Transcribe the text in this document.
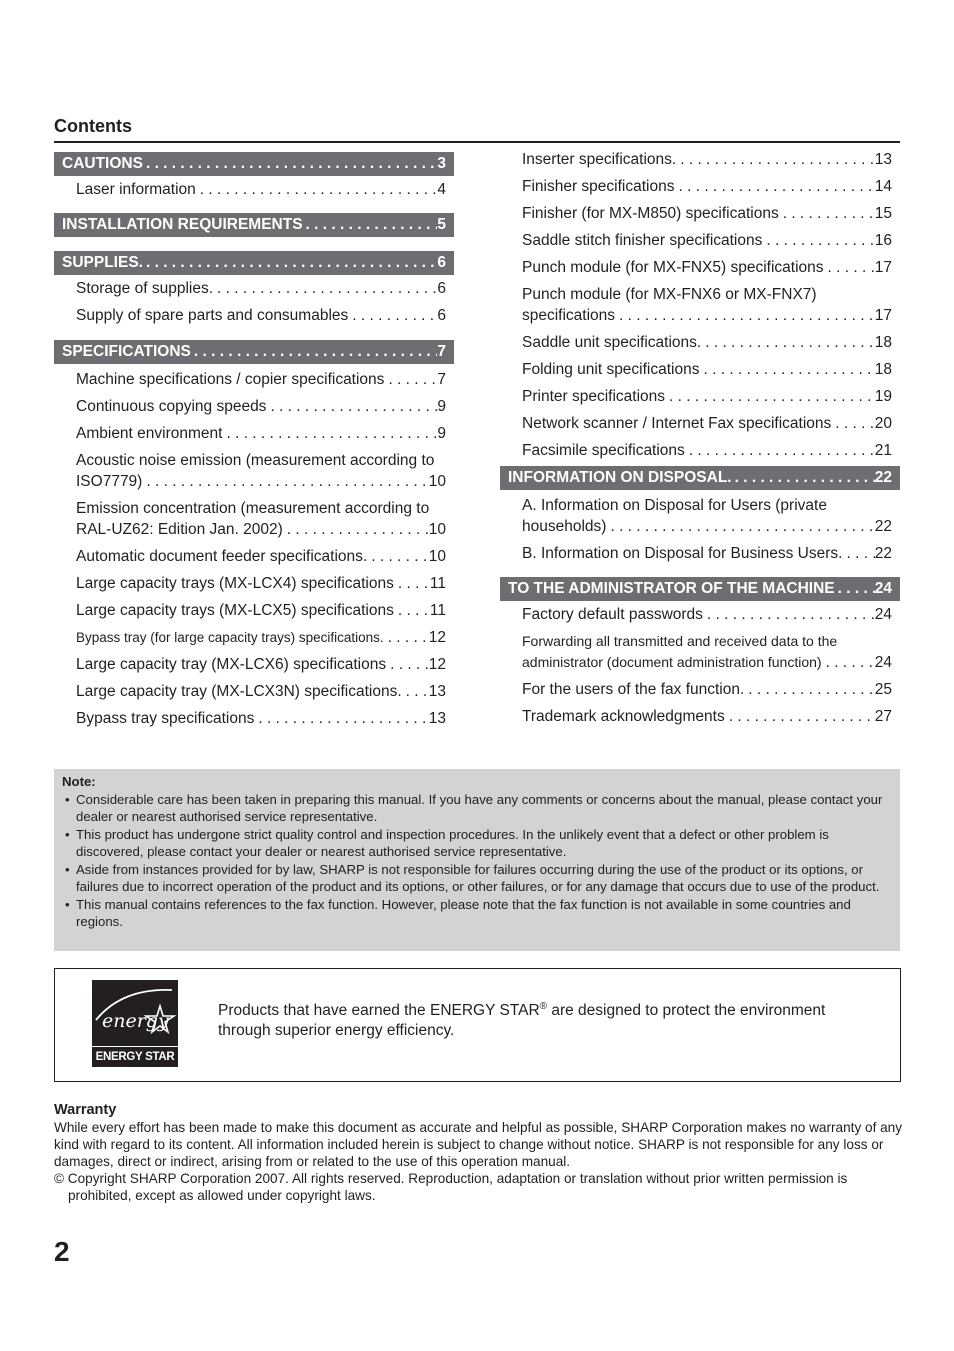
Contents
CAUTIONS . . .	3
Laser information . . .	4
INSTALLATION REQUIREMENTS . . .	5
SUPPLIES. . . .	6
Storage of supplies. . . .	6
Supply of spare parts and consumables . . .	6
SPECIFICATIONS . . .	7
Machine specifications / copier specifications . . .	7
Continuous copying speeds . . .	9
Ambient environment . . .	9
Acoustic noise emission (measurement according to
ISO7779) . . .	10
Emission concentration (measurement according to
RAL-UZ62: Edition Jan. 2002) . . .	10
Automatic document feeder specifications. . . .	10
Large capacity trays (MX-LCX4) specifications . . . 11
Large capacity trays (MX-LCX5) specifications . . . 11
Bypass tray (for large capacity trays) specifications. . . .	12
Large capacity tray (MX-LCX6) specifications . . .	12
Large capacity tray (MX-LCX3N) specifications. . . . 13
Bypass tray specifications . . .	13
Inserter specifications. . . .	13
Finisher specifications . . .	14
Finisher (for MX-M850) specifications . . .	15
Saddle stitch finisher specifications . . .	16
Punch module (for MX-FNX5) specifications . . .	17
Punch module (for MX-FNX6 or MX-FNX7)
specifications . . .	17
Saddle unit specifications. . . .	18
Folding unit specifications . . .	18
Printer specifications . . .	19
Network scanner / Internet Fax specifications . . .	20
Facsimile specifications . . .	21
INFORMATION ON DISPOSAL. . . .	22
A. Information on Disposal for Users (private
households) . . .	22
B. Information on Disposal for Business Users. . . . 22
TO THE ADMINISTRATOR OF THE MACHINE . . .	24
Factory default passwords . . .	24
Forwarding all transmitted and received data to the
administrator (document administration function) . . .	24
For the users of the fax function. . . .	25
Trademark acknowledgments . . .	27
Note:
• Considerable care has been taken in preparing this manual. If you have any comments or concerns about the manual, please contact your dealer or nearest authorised service representative.
• This product has undergone strict quality control and inspection procedures. In the unlikely event that a defect or other problem is discovered, please contact your dealer or nearest authorised service representative.
• Aside from instances provided for by law, SHARP is not responsible for failures occurring during the use of the product or its options, or failures due to incorrect operation of the product and its options, or other failures, or for any damage that occurs due to use of the product.
• This manual contains references to the fax function. However, please note that the fax function is not available in some countries and regions.
energy
ENERGY STAR
Products that have earned the ENERGY STAR® are designed to protect the environment through superior energy efficiency.
Warranty
While every effort has been made to make this document as accurate and helpful as possible, SHARP Corporation makes no warranty of any kind with regard to its content. All information included herein is subject to change without notice. SHARP is not responsible for any loss or damages, direct or indirect, arising from or related to the use of this operation manual.
© Copyright SHARP Corporation 2007. All rights reserved. Reproduction, adaptation or translation without prior written permission is prohibited, except as allowed under copyright laws.
2
